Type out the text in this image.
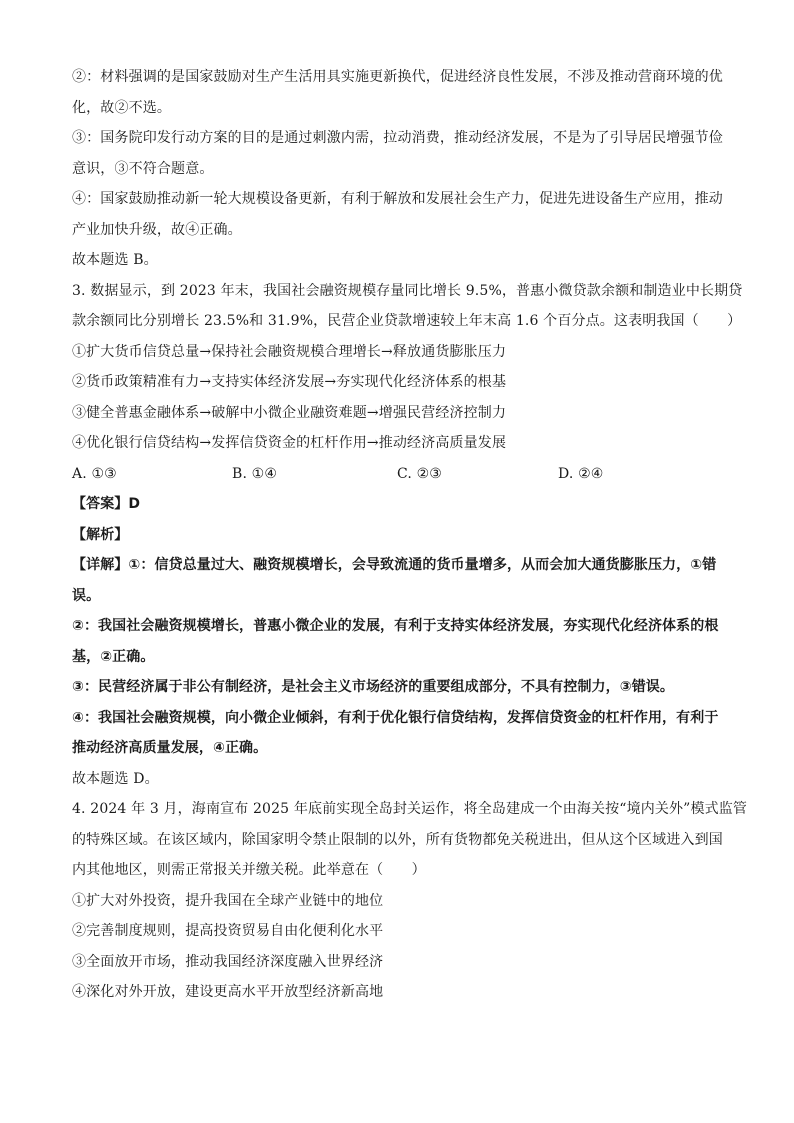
②：材料强调的是国家鼓励对生产生活用具实施更新换代，促进经济良性发展，不涉及推动营商环境的优
化，故②不选。
③：国务院印发行动方案的目的是通过刺激内需，拉动消费，推动经济发展，不是为了引导居民增强节俭
意识，③不符合题意。
④：国家鼓励推动新一轮大规模设备更新，有利于解放和发展社会生产力，促进先进设备生产应用，推动
产业加快升级，故④正确。
故本题选 B。
3. 数据显示，到 2023 年末，我国社会融资规模存量同比增长 9.5%，普惠小微贷款余额和制造业中长期贷
款余额同比分别增长 23.5%和 31.9%，民营企业贷款增速较上年末高 1.6 个百分点。这表明我国（　　）
①扩大货币信贷总量→保持社会融资规模合理增长→释放通货膨胀压力
②货币政策精准有力→支持实体经济发展→夯实现代化经济体系的根基
③健全普惠金融体系→破解中小微企业融资难题→增强民营经济控制力
④优化银行信贷结构→发挥信贷资金的杠杆作用→推动经济高质量发展
A. ①③	B. ①④	C. ②③	D. ②④
【答案】D
【解析】
【详解】①：信贷总量过大、融资规模增长，会导致流通的货币量增多，从而会加大通货膨胀压力，①错
误。
②：我国社会融资规模增长，普惠小微企业的发展，有利于支持实体经济发展，夯实现代化经济体系的根
基，②正确。
③：民营经济属于非公有制经济，是社会主义市场经济的重要组成部分，不具有控制力，③错误。
④：我国社会融资规模，向小微企业倾斜，有利于优化银行信贷结构，发挥信贷资金的杠杆作用，有利于
推动经济高质量发展，④正确。
故本题选 D。
4. 2024 年 3 月，海南宣布 2025 年底前实现全岛封关运作，将全岛建成一个由海关按“境内关外”模式监管
的特殊区域。在该区域内，除国家明令禁止限制的以外，所有货物都免关税进出，但从这个区域进入到国
内其他地区，则需正常报关并缴关税。此举意在（　　）
①扩大对外投资，提升我国在全球产业链中的地位
②完善制度规则，提高投资贸易自由化便利化水平
③全面放开市场，推动我国经济深度融入世界经济
④深化对外开放，建设更高水平开放型经济新高地
